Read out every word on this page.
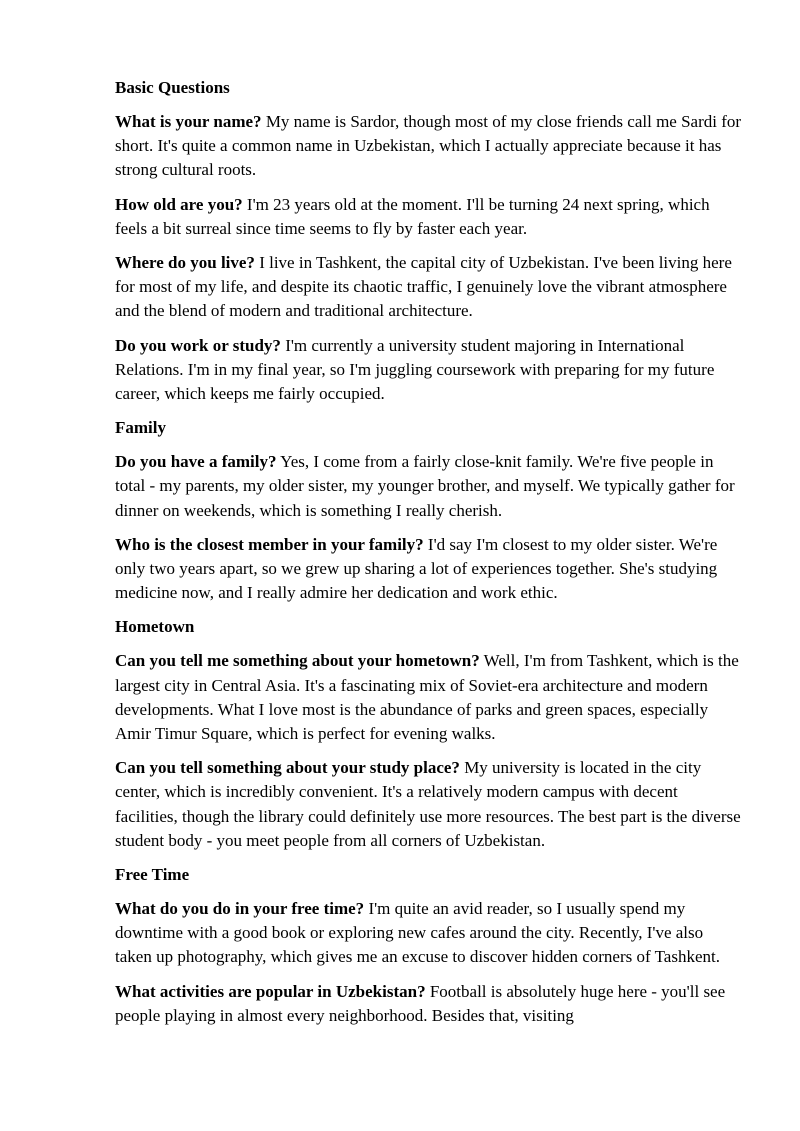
Basic Questions

What is your name? My name is Sardor, though most of my close friends call me Sardi for short. It's quite a common name in Uzbekistan, which I actually appreciate because it has strong cultural roots.

How old are you? I'm 23 years old at the moment. I'll be turning 24 next spring, which feels a bit surreal since time seems to fly by faster each year.

Where do you live? I live in Tashkent, the capital city of Uzbekistan. I've been living here for most of my life, and despite its chaotic traffic, I genuinely love the vibrant atmosphere and the blend of modern and traditional architecture.

Do you work or study? I'm currently a university student majoring in International Relations. I'm in my final year, so I'm juggling coursework with preparing for my future career, which keeps me fairly occupied.

Family

Do you have a family? Yes, I come from a fairly close-knit family. We're five people in total - my parents, my older sister, my younger brother, and myself. We typically gather for dinner on weekends, which is something I really cherish.

Who is the closest member in your family? I'd say I'm closest to my older sister. We're only two years apart, so we grew up sharing a lot of experiences together. She's studying medicine now, and I really admire her dedication and work ethic.

Hometown

Can you tell me something about your hometown? Well, I'm from Tashkent, which is the largest city in Central Asia. It's a fascinating mix of Soviet-era architecture and modern developments. What I love most is the abundance of parks and green spaces, especially Amir Timur Square, which is perfect for evening walks.

Can you tell something about your study place? My university is located in the city center, which is incredibly convenient. It's a relatively modern campus with decent facilities, though the library could definitely use more resources. The best part is the diverse student body - you meet people from all corners of Uzbekistan.

Free Time

What do you do in your free time? I'm quite an avid reader, so I usually spend my downtime with a good book or exploring new cafes around the city. Recently, I've also taken up photography, which gives me an excuse to discover hidden corners of Tashkent.

What activities are popular in Uzbekistan? Football is absolutely huge here - you'll see people playing in almost every neighborhood. Besides that, visiting
